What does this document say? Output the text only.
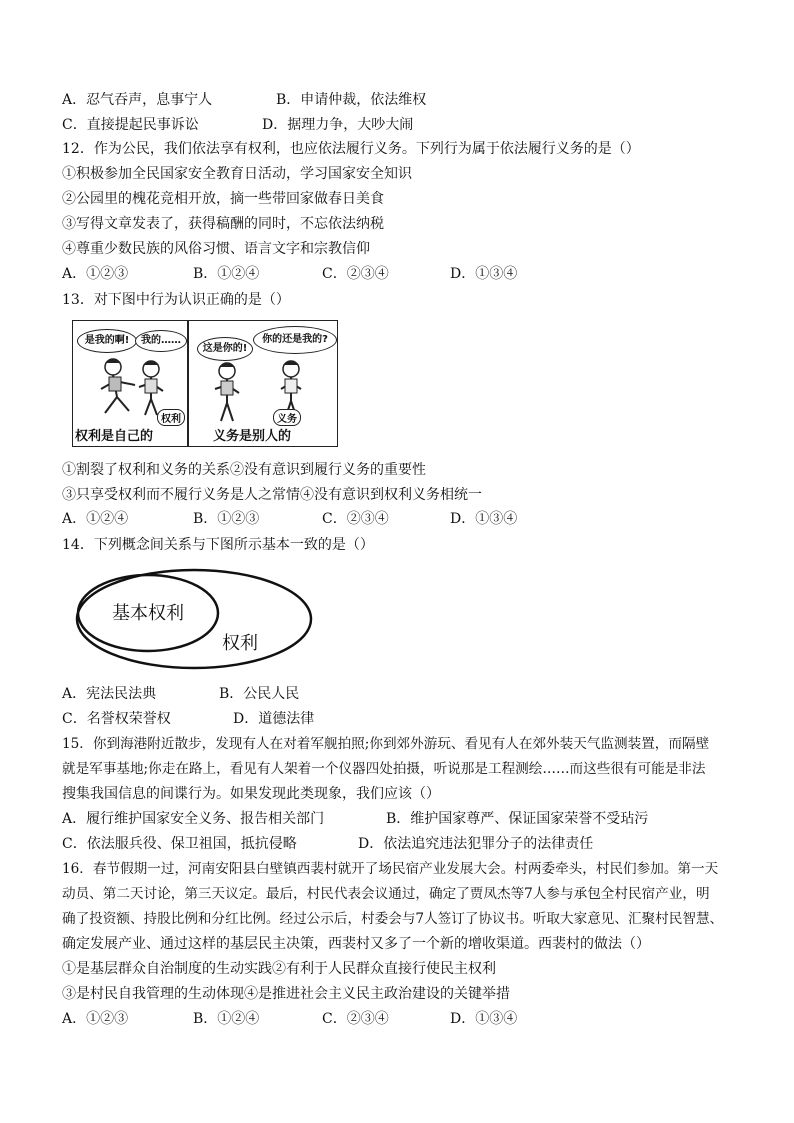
A．忍气吞声，息事宁人	B．申请仲裁，依法维权
C．直接提起民事诉讼	D．据理力争，大吵大闹
12．作为公民，我们依法享有权利，也应依法履行义务。下列行为属于依法履行义务的是（）
①积极参加全民国家安全教育日活动，学习国家安全知识
②公园里的槐花竞相开放，摘一些带回家做春日美食
③写得文章发表了，获得稿酬的同时，不忘依法纳税
④尊重少数民族的风俗习惯、语言文字和宗教信仰
A．①②③	B．①②④	C．②③④	D．①③④
13．对下图中行为认识正确的是（）
是我的啊!	我的……
权利
权利是自己的
这是你的!
你的还是我的?
义务
义务是别人的
①割裂了权利和义务的关系②没有意识到履行义务的重要性
③只享受权利而不履行义务是人之常情④没有意识到权利义务相统一
A．①②④	B．①②③	C．②③④	D．①③④
14．下列概念间关系与下图所示基本一致的是（）
基本权利
权利
A．宪法民法典	B．公民人民
C．名誉权荣誉权	D．道德法律
15．你到海港附近散步，发现有人在对着军舰拍照;你到郊外游玩、看见有人在郊外装天气监测装置，而隔壁
就是军事基地;你走在路上，看见有人架着一个仪器四处拍摄，听说那是工程测绘……而这些很有可能是非法
搜集我国信息的间谍行为。如果发现此类现象，我们应该（）
A．履行维护国家安全义务、报告相关部门	B．维护国家尊严、保证国家荣誉不受玷污
C．依法服兵役、保卫祖国，抵抗侵略	D．依法追究违法犯罪分子的法律责任
16．春节假期一过，河南安阳县白壁镇西裴村就开了场民宿产业发展大会。村两委牵头，村民们参加。第一天
动员、第二天讨论，第三天议定。最后，村民代表会议通过，确定了贾凤杰等7人参与承包全村民宿产业，明
确了投资额、持股比例和分红比例。经过公示后，村委会与7人签订了协议书。听取大家意见、汇聚村民智慧、
确定发展产业、通过这样的基层民主决策，西裴村又多了一个新的增收渠道。西裴村的做法（）
①是基层群众自治制度的生动实践②有利于人民群众直接行使民主权利
③是村民自我管理的生动体现④是推进社会主义民主政治建设的关键举措
A．①②③	B．①②④	C．②③④	D．①③④
